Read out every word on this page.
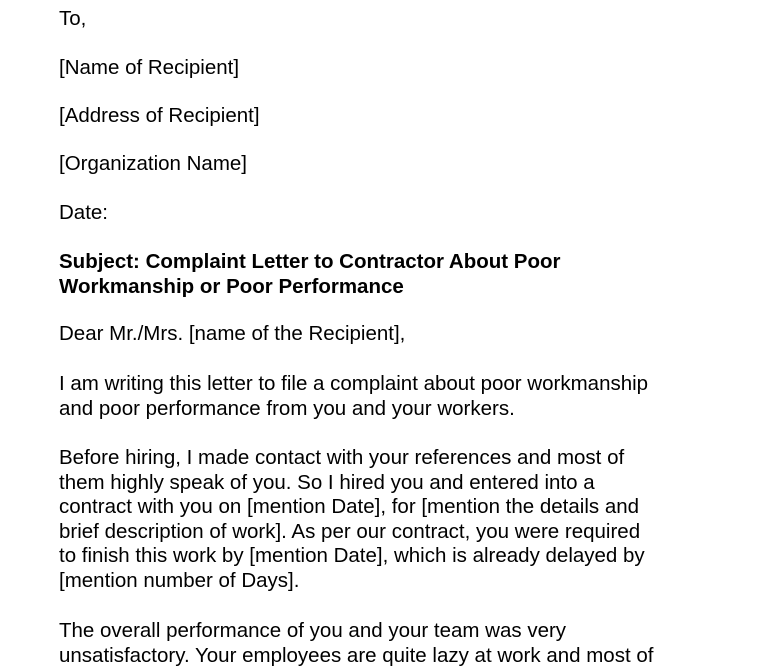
To,

[Name of Recipient]

[Address of Recipient]

[Organization Name]

Date:

Subject: Complaint Letter to Contractor About Poor
Workmanship or Poor Performance

Dear Mr./Mrs. [name of the Recipient],

I am writing this letter to file a complaint about poor workmanship
and poor performance from you and your workers.

Before hiring, I made contact with your references and most of
them highly speak of you. So I hired you and entered into a
contract with you on [mention Date], for [mention the details and
brief description of work]. As per our contract, you were required
to finish this work by [mention Date], which is already delayed by
[mention number of Days].

The overall performance of you and your team was very
unsatisfactory. Your employees are quite lazy at work and most of
